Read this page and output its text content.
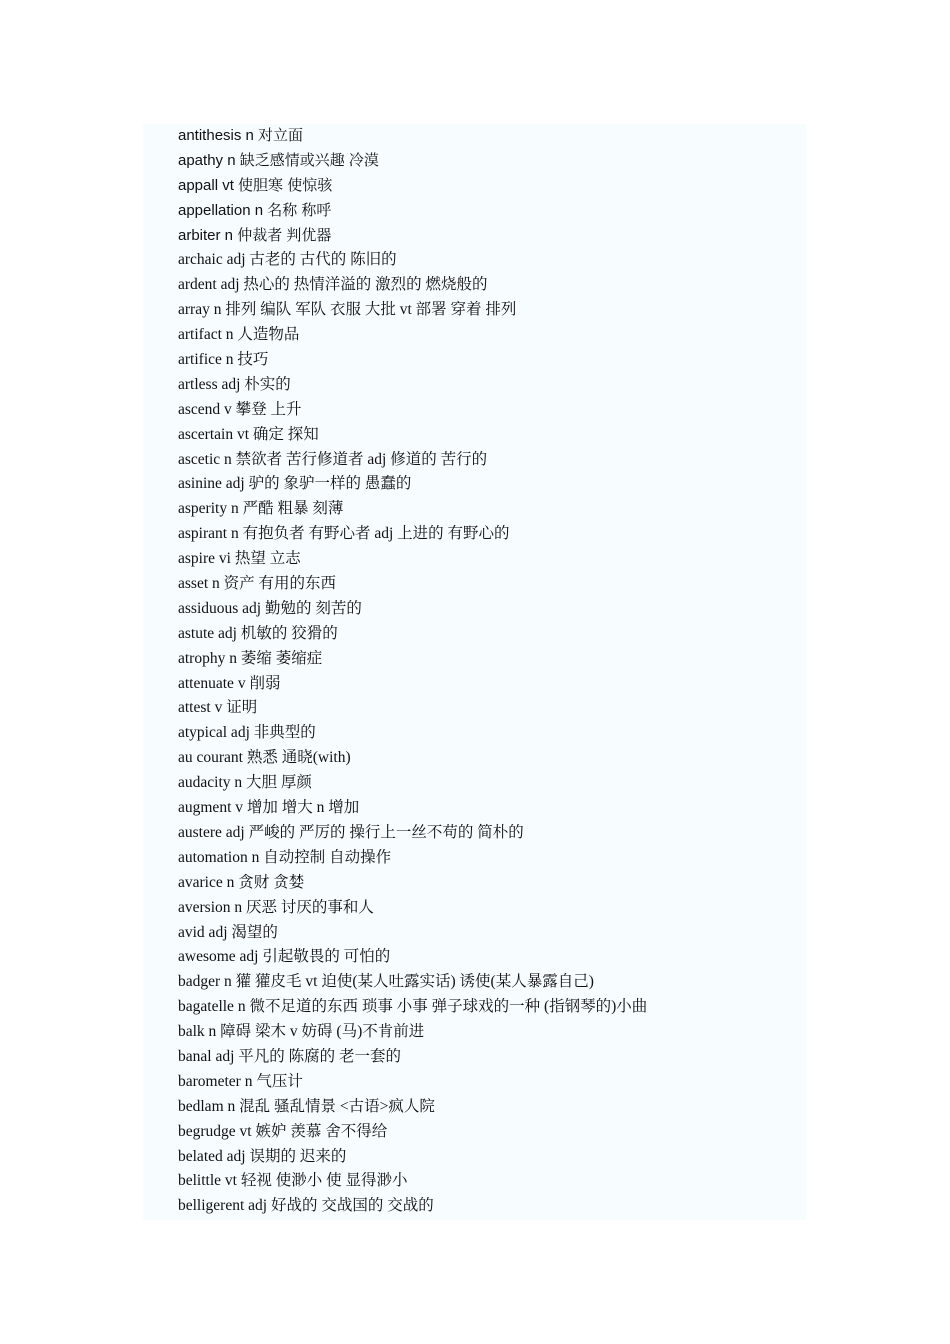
antithesis n 对立面
apathy n 缺乏感情或兴趣 冷漠
appall vt 使胆寒 使惊骇
appellation n 名称 称呼
arbiter n 仲裁者 判优器
archaic adj 古老的 古代的 陈旧的
ardent adj 热心的 热情洋溢的 激烈的 燃烧般的
array n 排列 编队 军队 衣服 大批 vt 部署 穿着 排列
artifact n 人造物品
artifice n 技巧
artless adj 朴实的
ascend v 攀登 上升
ascertain vt 确定 探知
ascetic n 禁欲者 苦行修道者 adj 修道的 苦行的
asinine adj 驴的 象驴一样的 愚蠢的
asperity n 严酷 粗暴 刻薄
aspirant n 有抱负者 有野心者 adj 上进的 有野心的
aspire vi 热望 立志
asset n 资产 有用的东西
assiduous adj 勤勉的 刻苦的
astute adj 机敏的 狡猾的
atrophy n 萎缩 萎缩症
attenuate v 削弱
attest v 证明
atypical adj 非典型的
au courant 熟悉 通晓(with)
audacity n 大胆 厚颜
augment v 增加 增大 n 增加
austere adj 严峻的 严厉的 操行上一丝不苟的 简朴的
automation n 自动控制 自动操作
avarice n 贪财 贪婪
aversion n 厌恶 讨厌的事和人
avid adj 渴望的
awesome adj 引起敬畏的 可怕的
badger n 獾 獾皮毛 vt 迫使(某人吐露实话) 诱使(某人暴露自己)
bagatelle n 微不足道的东西 琐事 小事 弹子球戏的一种 (指钢琴的)小曲
balk n 障碍 梁木 v 妨碍 (马)不肯前进
banal adj 平凡的 陈腐的 老一套的
barometer n 气压计
bedlam n 混乱 骚乱情景 <古语>疯人院
begrudge vt 嫉妒 羡慕 舍不得给
belated adj 误期的 迟来的
belittle vt 轻视 使渺小 使 显得渺小
belligerent adj 好战的 交战国的 交战的
